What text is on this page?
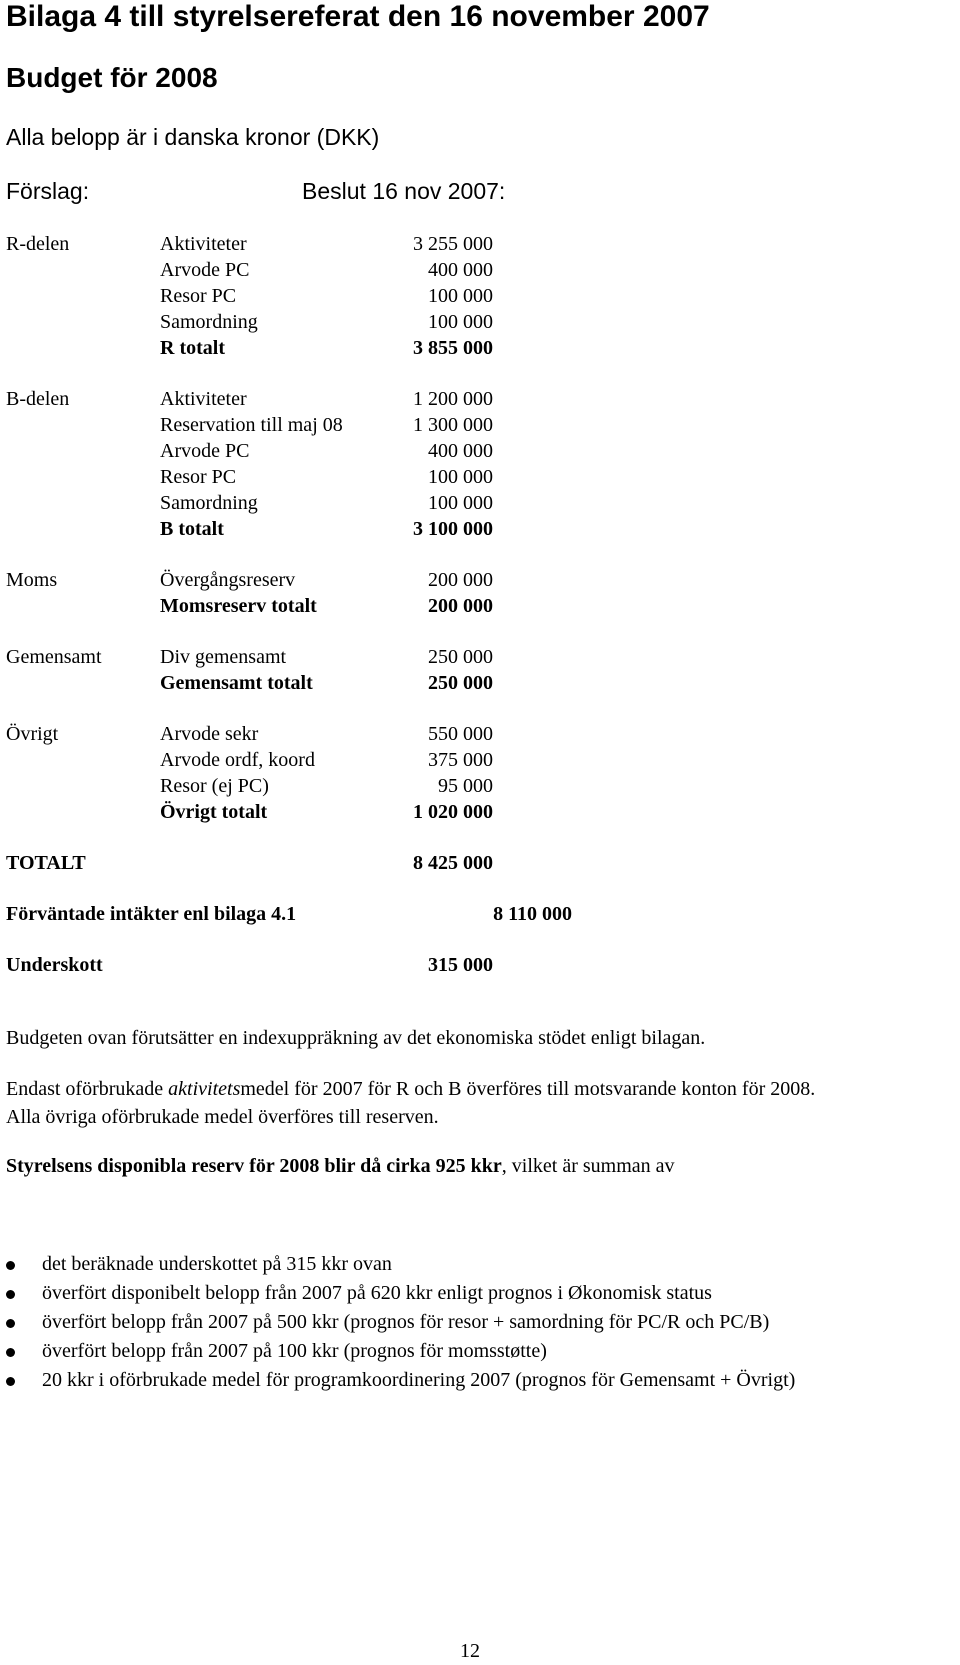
Bilaga 4 till styrelsereferat den 16 november 2007
Budget för 2008
Alla belopp är i danska kronor (DKK)
Förslag:	Beslut 16 nov 2007:
R-delen	Aktiviteter	3 255 000
Arvode PC	400 000
Resor PC	100 000
Samordning	100 000
R totalt	3 855 000
B-delen	Aktiviteter	1 200 000
Reservation till maj 08	1 300 000
Arvode PC	400 000
Resor PC	100 000
Samordning	100 000
B totalt	3 100 000
Moms	Övergångsreserv	200 000
Momsreserv totalt	200 000
Gemensamt	Div gemensamt	250 000
Gemensamt totalt	250 000
Övrigt	Arvode sekr	550 000
Arvode ordf, koord	375 000
Resor (ej PC)	95 000
Övrigt totalt	1 020 000
TOTALT	8 425 000
Förväntade intäkter enl bilaga 4.1	8 110 000
Underskott	315 000
Budgeten ovan förutsätter en indexuppräkning av det ekonomiska stödet enligt bilagan.
Endast oförbrukade aktivitetsmedel för 2007 för R och B överföres till motsvarande konton för 2008.
Alla övriga oförbrukade medel överföres till reserven.
Styrelsens disponibla reserv för 2008 blir då cirka 925 kkr, vilket är summan av
det beräknade underskottet på 315 kkr ovan
överfört disponibelt belopp från 2007 på 620 kkr enligt prognos i Økonomisk status
överfört belopp från 2007 på 500 kkr (prognos för resor + samordning för PC/R och PC/B)
överfört belopp från 2007 på 100 kkr (prognos för momsstøtte)
20 kkr i oförbrukade medel för programkoordinering 2007 (prognos för Gemensamt + Övrigt)
12
